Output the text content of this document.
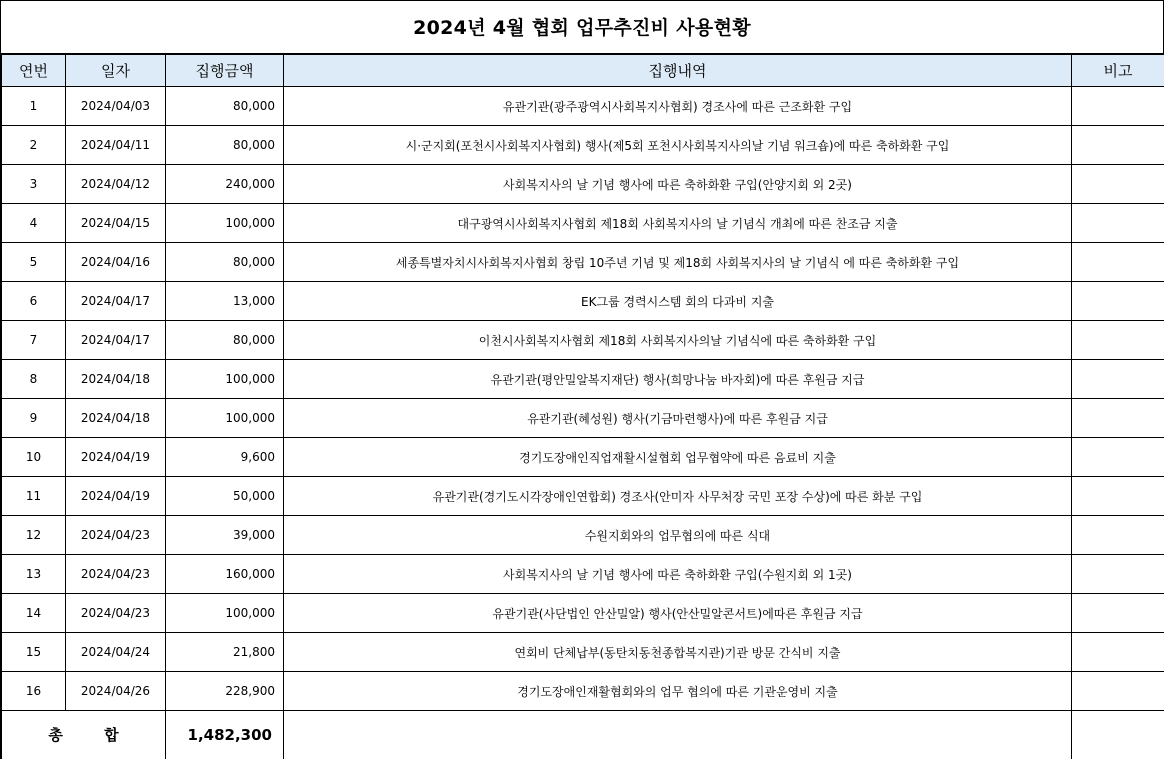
2024년 4월 협회 업무추진비 사용현황
연번	일자	집행금액	집행내역	비고
1	2024/04/03	80,000	유관기관(광주광역시사회복지사협회) 경조사에 따른 근조화환 구입	
2	2024/04/11	80,000	시·군지회(포천시사회복지사협회) 행사(제5회 포천시사회복지사의날 기념 워크숍)에 따른 축하화환 구입	
3	2024/04/12	240,000	사회복지사의 날 기념 행사에 따른 축하화환 구입(안양지회 외 2곳)	
4	2024/04/15	100,000	대구광역시사회복지사협회 제18회 사회복지사의 날 기념식 개최에 따른 찬조금 지출	
5	2024/04/16	80,000	세종특별자치시사회복지사협회 창립 10주년 기념 및 제18회 사회복지사의 날 기념식 에 따른 축하화환 구입	
6	2024/04/17	13,000	EK그룹 경력시스템 회의 다과비 지출	
7	2024/04/17	80,000	이천시사회복지사협회 제18회 사회복지사의날 기념식에 따른 축하화환 구입	
8	2024/04/18	100,000	유관기관(평안밀알복지재단) 행사(희망나눔 바자회)에 따른 후원금 지급	
9	2024/04/18	100,000	유관기관(혜성원) 행사(기금마련행사)에 따른 후원금 지급	
10	2024/04/19	9,600	경기도장애인직업재활시설협회 업무협약에 따른 음료비 지출	
11	2024/04/19	50,000	유관기관(경기도시각장애인연합회) 경조사(안미자 사무처장 국민 포장 수상)에 따른 화분 구입	
12	2024/04/23	39,000	수원지회와의 업무협의에 따른 식대	
13	2024/04/23	160,000	사회복지사의 날 기념 행사에 따른 축하화환 구입(수원지회 외 1곳)	
14	2024/04/23	100,000	유관기관(사단법인 안산밀알) 행사(안산밀알콘서트)에따른 후원금 지급	
15	2024/04/24	21,800	연회비 단체납부(동탄치동천종합복지관)기관 방문 간식비 지출	
16	2024/04/26	228,900	경기도장애인재활협회와의 업무 협의에 따른 기관운영비 지출	
총 합		1,482,300		
